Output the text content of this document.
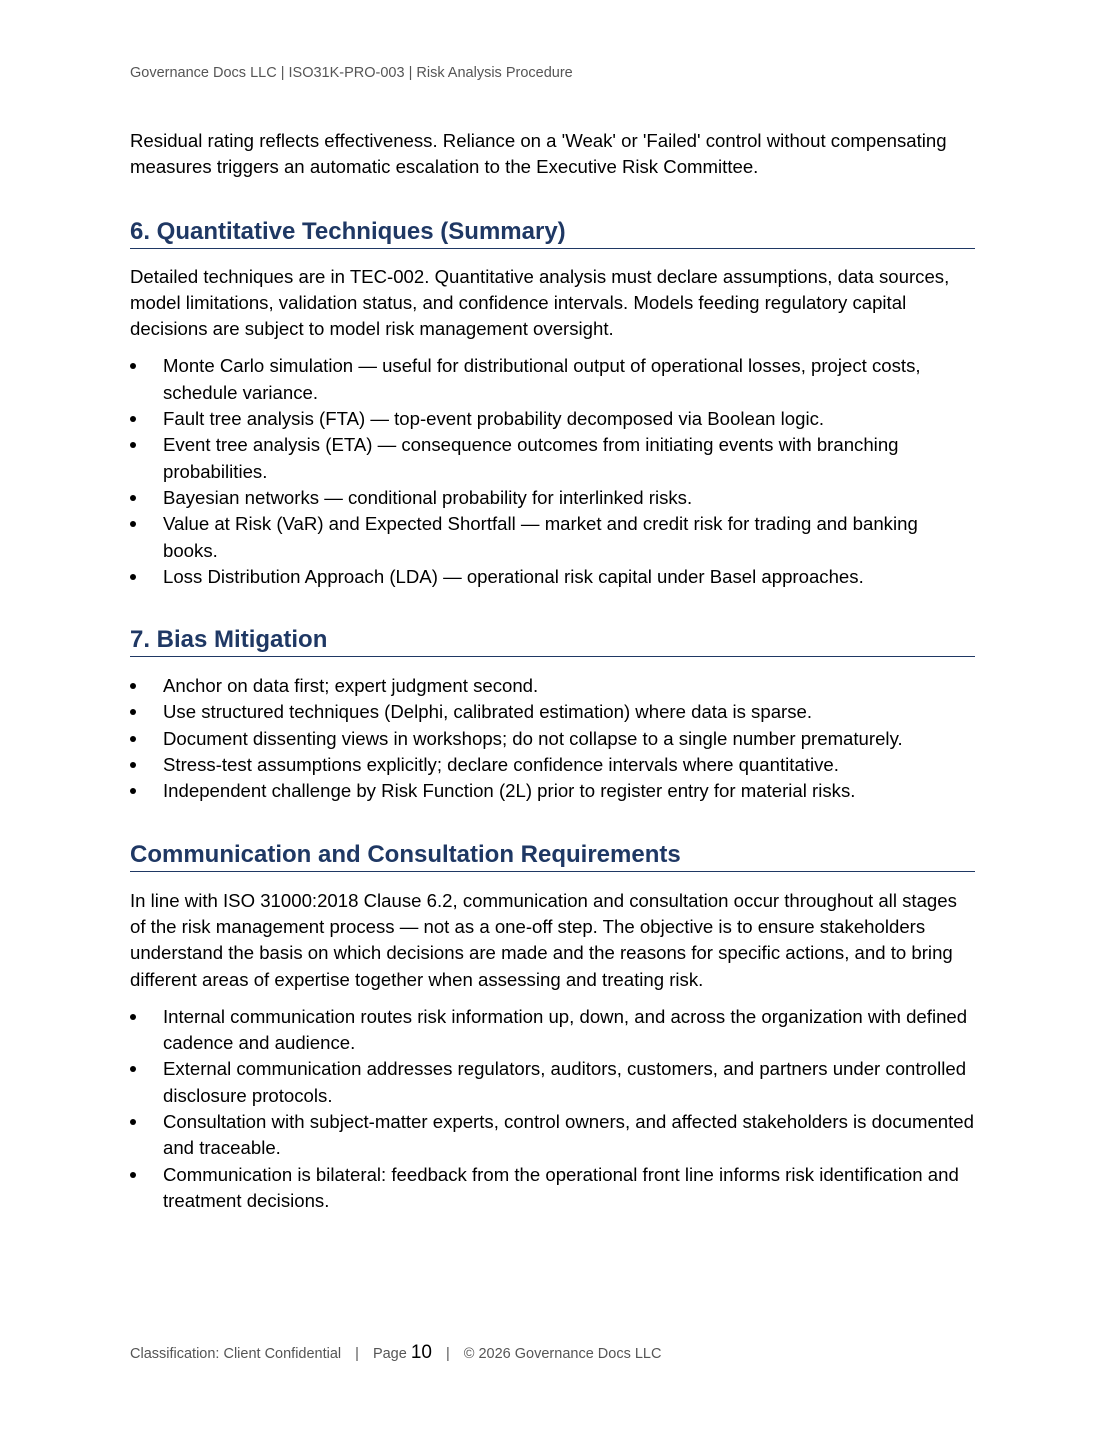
Governance Docs LLC | ISO31K-PRO-003 | Risk Analysis Procedure

Residual rating reflects effectiveness. Reliance on a 'Weak' or 'Failed' control without compensating measures triggers an automatic escalation to the Executive Risk Committee.

6. Quantitative Techniques (Summary)

Detailed techniques are in TEC-002. Quantitative analysis must declare assumptions, data sources, model limitations, validation status, and confidence intervals. Models feeding regulatory capital decisions are subject to model risk management oversight.

Monte Carlo simulation — useful for distributional output of operational losses, project costs, schedule variance.
Fault tree analysis (FTA) — top-event probability decomposed via Boolean logic.
Event tree analysis (ETA) — consequence outcomes from initiating events with branching probabilities.
Bayesian networks — conditional probability for interlinked risks.
Value at Risk (VaR) and Expected Shortfall — market and credit risk for trading and banking books.
Loss Distribution Approach (LDA) — operational risk capital under Basel approaches.
7. Bias Mitigation
Anchor on data first; expert judgment second.
Use structured techniques (Delphi, calibrated estimation) where data is sparse.
Document dissenting views in workshops; do not collapse to a single number prematurely.
Stress-test assumptions explicitly; declare confidence intervals where quantitative.
Independent challenge by Risk Function (2L) prior to register entry for material risks.
Communication and Consultation Requirements

In line with ISO 31000:2018 Clause 6.2, communication and consultation occur throughout all stages of the risk management process — not as a one-off step. The objective is to ensure stakeholders understand the basis on which decisions are made and the reasons for specific actions, and to bring different areas of expertise together when assessing and treating risk.

Internal communication routes risk information up, down, and across the organization with defined cadence and audience.
External communication addresses regulators, auditors, customers, and partners under controlled disclosure protocols.
Consultation with subject-matter experts, control owners, and affected stakeholders is documented and traceable.
Communication is bilateral: feedback from the operational front line informs risk identification and treatment decisions.
Classification: Client Confidential | Page 10 | © 2026 Governance Docs LLC
